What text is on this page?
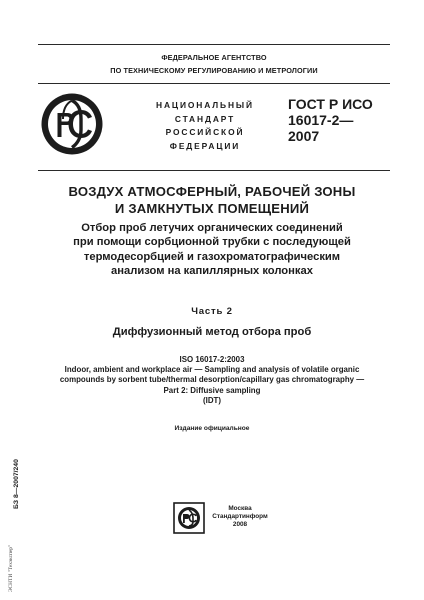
ФЕДЕРАЛЬНОЕ АГЕНТСТВО
ПО ТЕХНИЧЕСКОМУ РЕГУЛИРОВАНИЮ И МЕТРОЛОГИИ
НАЦИОНАЛЬНЫЙ
СТАНДАРТ
РОССИЙСКОЙ
ФЕДЕРАЦИИ
ГОСТ Р ИСО
16017-2—
2007
ВОЗДУХ АТМОСФЕРНЫЙ, РАБОЧЕЙ ЗОНЫ
И ЗАМКНУТЫХ ПОМЕЩЕНИЙ
Отбор проб летучих органических соединений
при помощи сорбционной трубки с последующей
термодесорбцией и газохроматографическим
анализом на капиллярных колонках
Часть 2
Диффузионный метод отбора проб
ISO 16017-2:2003
Indoor, ambient and workplace air — Sampling and analysis of volatile organic
compounds by sorbent tube/thermal desorption/capillary gas chromatography —
Part 2: Diffusive sampling
(IDT)
Издание официальное
БЗ 8—2007/240
ЭСНТИ "Техэкспер"
Москва
Стандартинформ
2008
